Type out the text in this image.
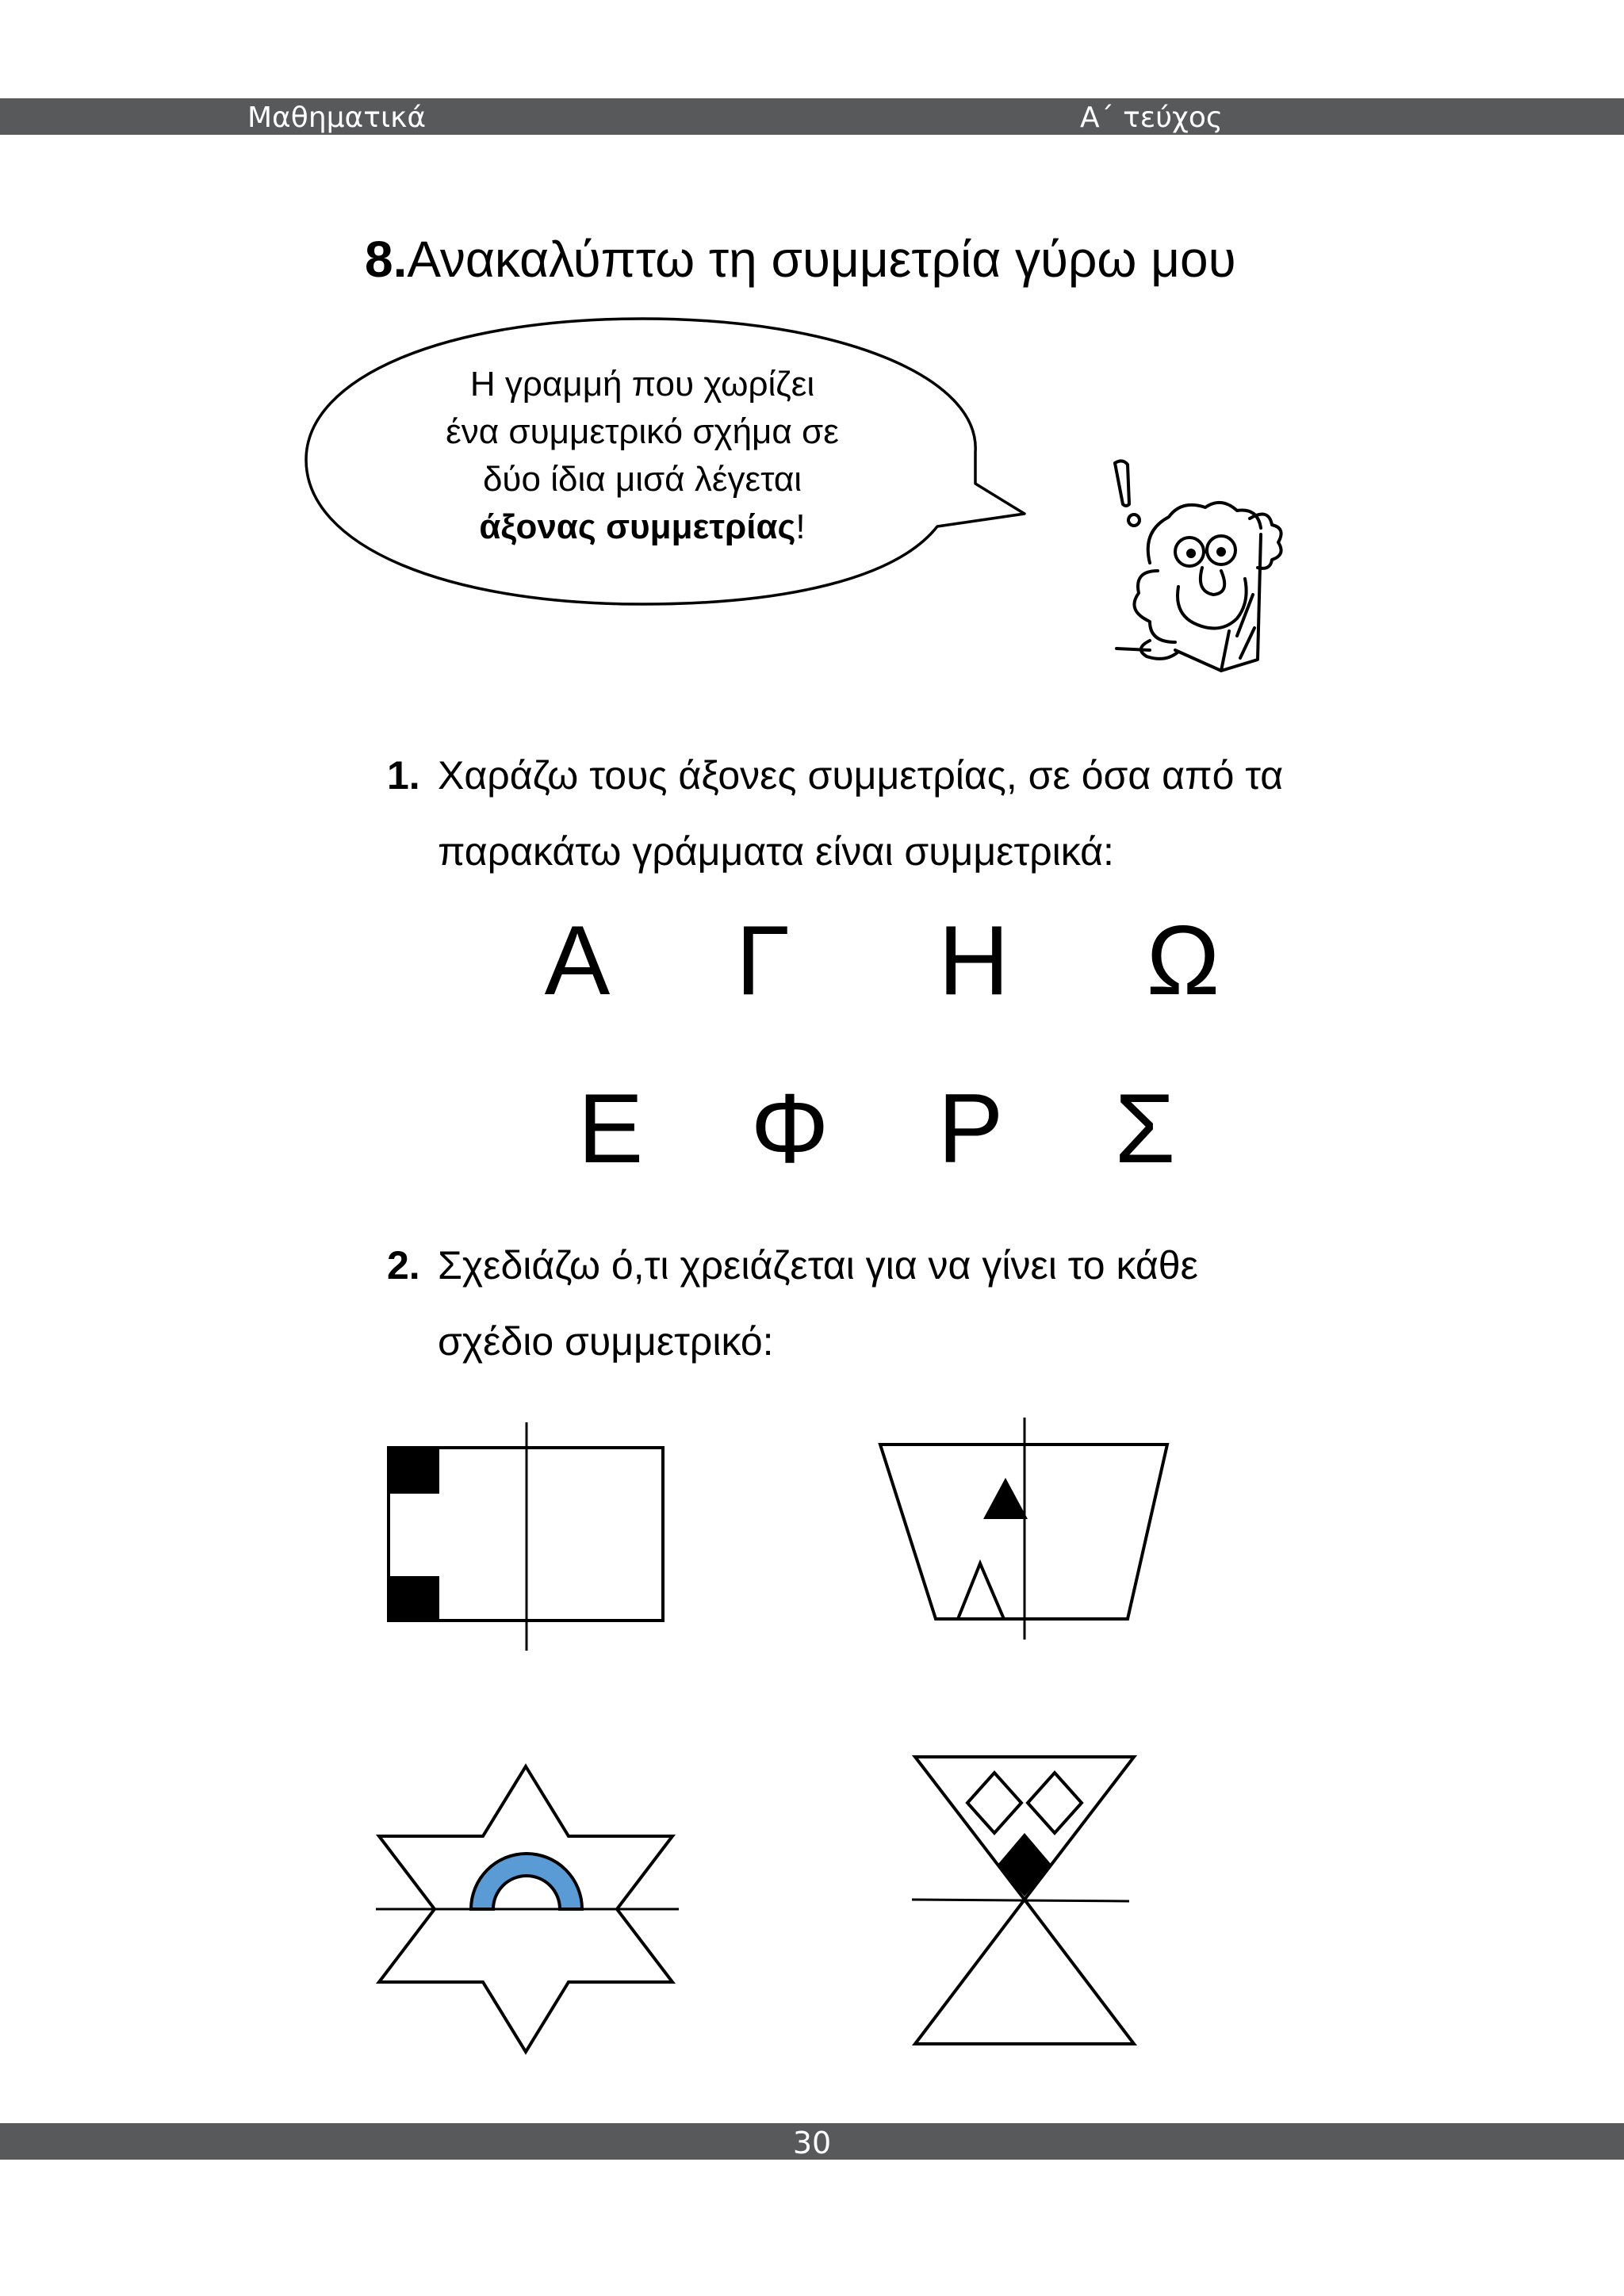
Μαθηματικά	Α΄ τεύχος
8.Ανακαλύπτω τη συμμετρία γύρω μου
Η γραμμή που χωρίζει
ένα συμμετρικό σχήμα σε
δύο ίδια μισά λέγεται
άξονας συμμετρίας!
1. Χαράζω τους άξονες συμμετρίας, σε όσα από τα
παρακάτω γράμματα είναι συμμετρικά:
Α	Γ	Η Ω
Ε	Φ	Ρ	Σ
2. Σχεδιάζω ό,τι χρειάζεται για να γίνει το κάθε
σχέδιο συμμετρικό:
30
